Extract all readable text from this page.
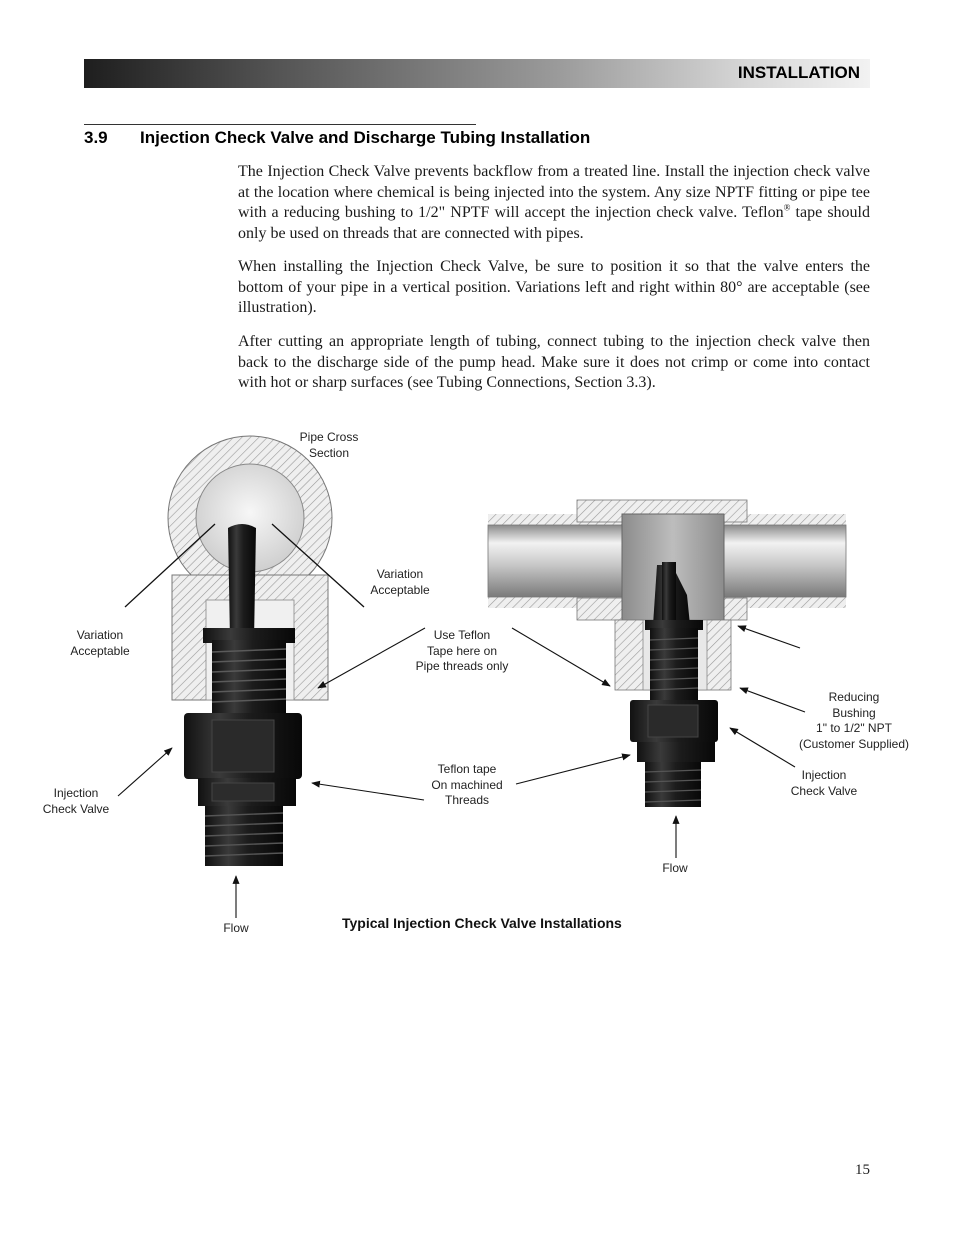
INSTALLATION
3.9 Injection Check Valve and Discharge Tubing Installation

The Injection Check Valve prevents backflow from a treated line. Install the injection check valve at the location where chemical is being injected into the system. Any size NPTF fitting or pipe tee with a reducing bushing to 1/2" NPTF will accept the injection check valve. Teflon® tape should only be used on threads that are connected with pipes.

When installing the Injection Check Valve, be sure to position it so that the valve enters the bottom of your pipe in a vertical position. Variations left and right within 80° are acceptable (see illustration).

After cutting an appropriate length of tubing, connect tubing to the injection check valve then back to the discharge side of the pump head. Make sure it does not crimp or come into contact with hot or sharp surfaces (see Tubing Connections, Section 3.3).

Pipe Cross
Section
Variation
Acceptable
Variation
Acceptable
Use Teflon
Tape here on
Pipe threads only
Reducing
Bushing
1" to 1/2" NPT
(Customer Supplied)
Teflon tape
On machined
Threads
Injection
Check Valve
Injection
Check Valve
Flow
Flow
Typical Injection Check Valve Installations
15
